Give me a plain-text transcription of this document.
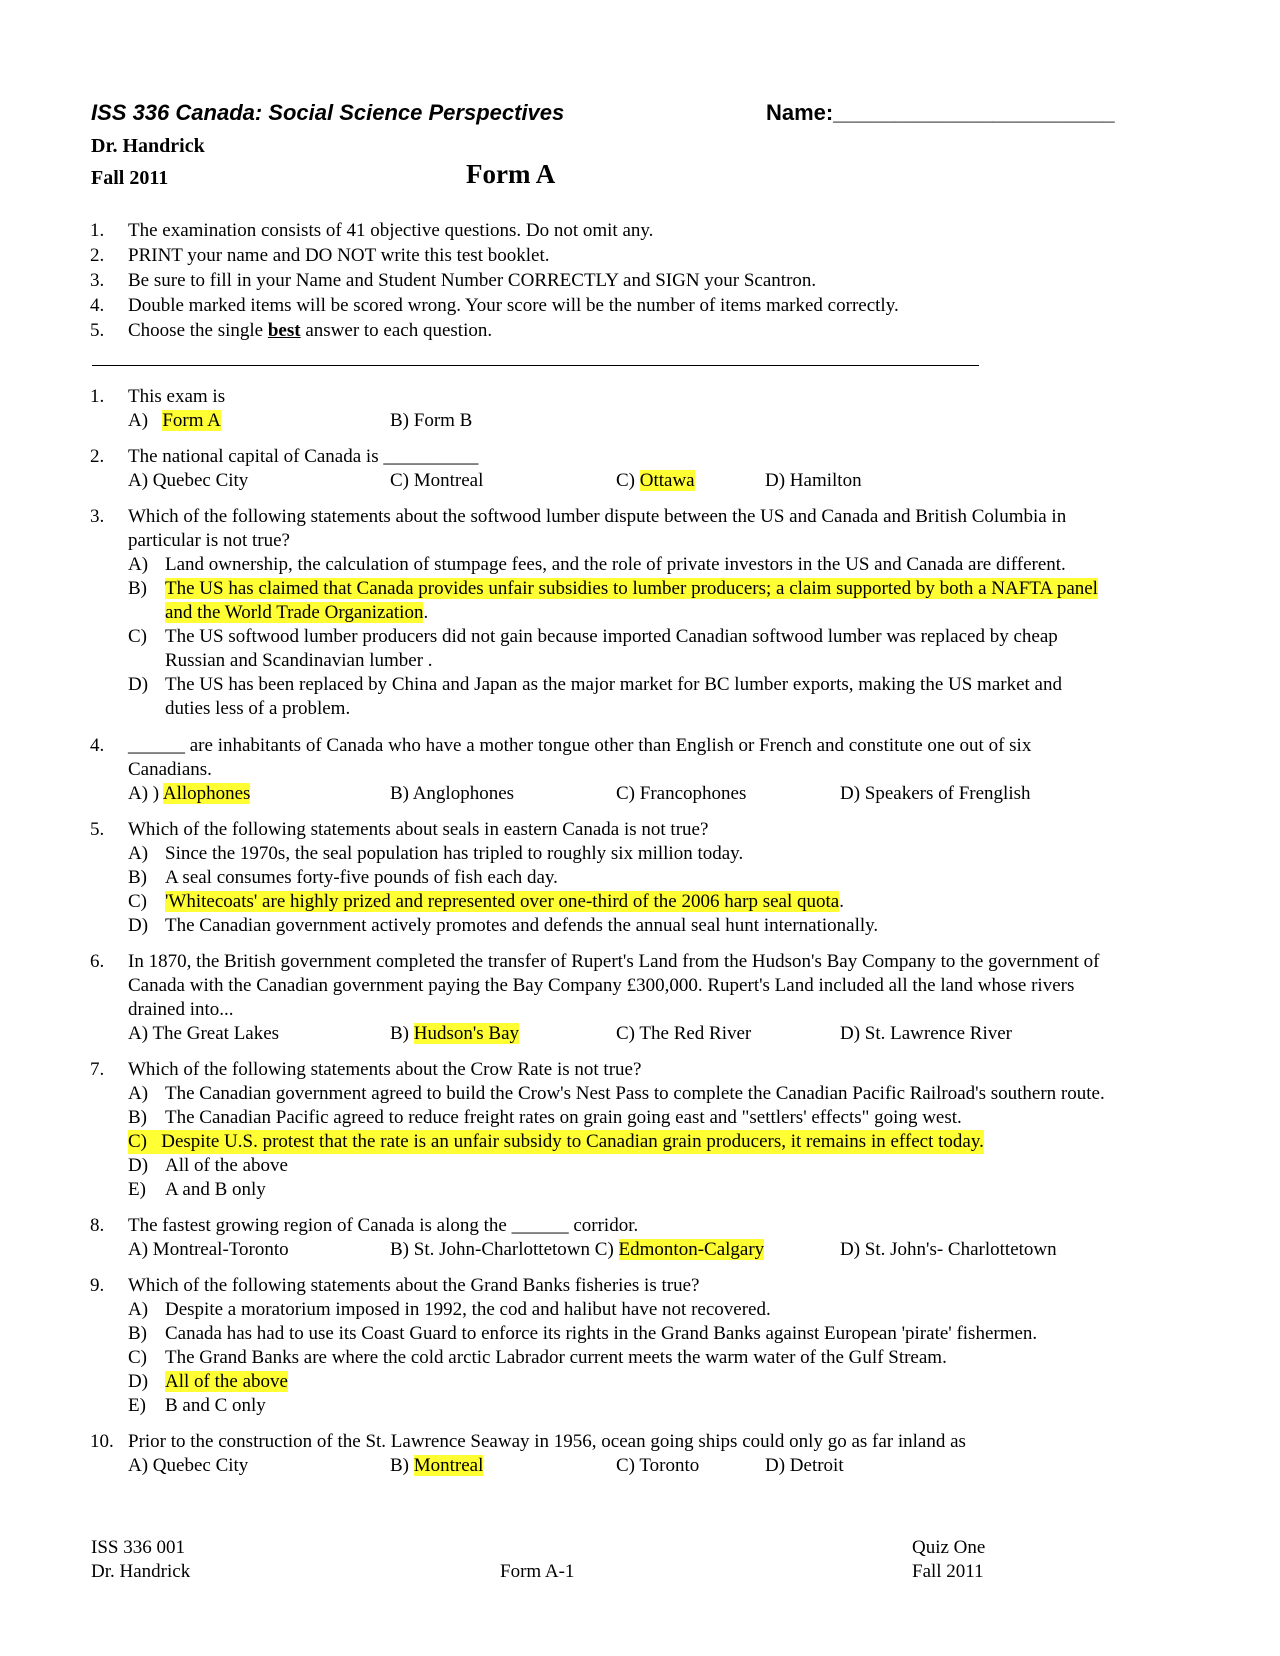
ISS 336 Canada: Social Science Perspectives	Name:_______________________
Dr. Handrick
Fall 2011	Form A
1. The examination consists of 41 objective questions. Do not omit any.
2. PRINT your name and DO NOT write this test booklet.
3. Be sure to fill in your Name and Student Number CORRECTLY and SIGN your Scantron.
4. Double marked items will be scored wrong. Your score will be the number of items marked correctly.
5. Choose the single best answer to each question.
1. This exam is
A) Form A	B) Form B
2. The national capital of Canada is __________
A) Quebec City	C) Montreal	C) Ottawa	D) Hamilton
3. Which of the following statements about the softwood lumber dispute between the US and Canada and British Columbia in
particular is not true?
A) Land ownership, the calculation of stumpage fees, and the role of private investors in the US and Canada are different.
B) The US has claimed that Canada provides unfair subsidies to lumber producers; a claim supported by both a NAFTA panel
and the World Trade Organization.
C) The US softwood lumber producers did not gain because imported Canadian softwood lumber was replaced by cheap
Russian and Scandinavian lumber .
D) The US has been replaced by China and Japan as the major market for BC lumber exports, making the US market and
duties less of a problem.
4. ______ are inhabitants of Canada who have a mother tongue other than English or French and constitute one out of six
Canadians.
A) ) Allophones	B) Anglophones	C) Francophones	D) Speakers of Frenglish
5. Which of the following statements about seals in eastern Canada is not true?
A) Since the 1970s, the seal population has tripled to roughly six million today.
B) A seal consumes forty-five pounds of fish each day.
C) 'Whitecoats' are highly prized and represented over one-third of the 2006 harp seal quota.
D) The Canadian government actively promotes and defends the annual seal hunt internationally.
6. In 1870, the British government completed the transfer of Rupert's Land from the Hudson's Bay Company to the government of
Canada with the Canadian government paying the Bay Company £300,000. Rupert's Land included all the land whose rivers
drained into...
A) The Great Lakes	B) Hudson's Bay	C) The Red River	D) St. Lawrence River
7. Which of the following statements about the Crow Rate is not true?
A) The Canadian government agreed to build the Crow's Nest Pass to complete the Canadian Pacific Railroad's southern route.
B) The Canadian Pacific agreed to reduce freight rates on grain going east and "settlers' effects" going west.
C)   Despite U.S. protest that the rate is an unfair subsidy to Canadian grain producers, it remains in effect today.
D) All of the above
E) A and B only
8. The fastest growing region of Canada is along the ______ corridor.
A) Montreal-Toronto	B) St. John-Charlottetown C) Edmonton-Calgary	D) St. John's- Charlottetown
9. Which of the following statements about the Grand Banks fisheries is true?
A) Despite a moratorium imposed in 1992, the cod and halibut have not recovered.
B) Canada has had to use its Coast Guard to enforce its rights in the Grand Banks against European 'pirate' fishermen.
C) The Grand Banks are where the cold arctic Labrador current meets the warm water of the Gulf Stream.
D) All of the above
E) B and C only
10. Prior to the construction of the St. Lawrence Seaway in 1956, ocean going ships could only go as far inland as
A) Quebec City	B) Montreal	C) Toronto	D) Detroit
ISS 336 001
Dr. Handrick	Form A-1
Quiz One
Fall 2011
